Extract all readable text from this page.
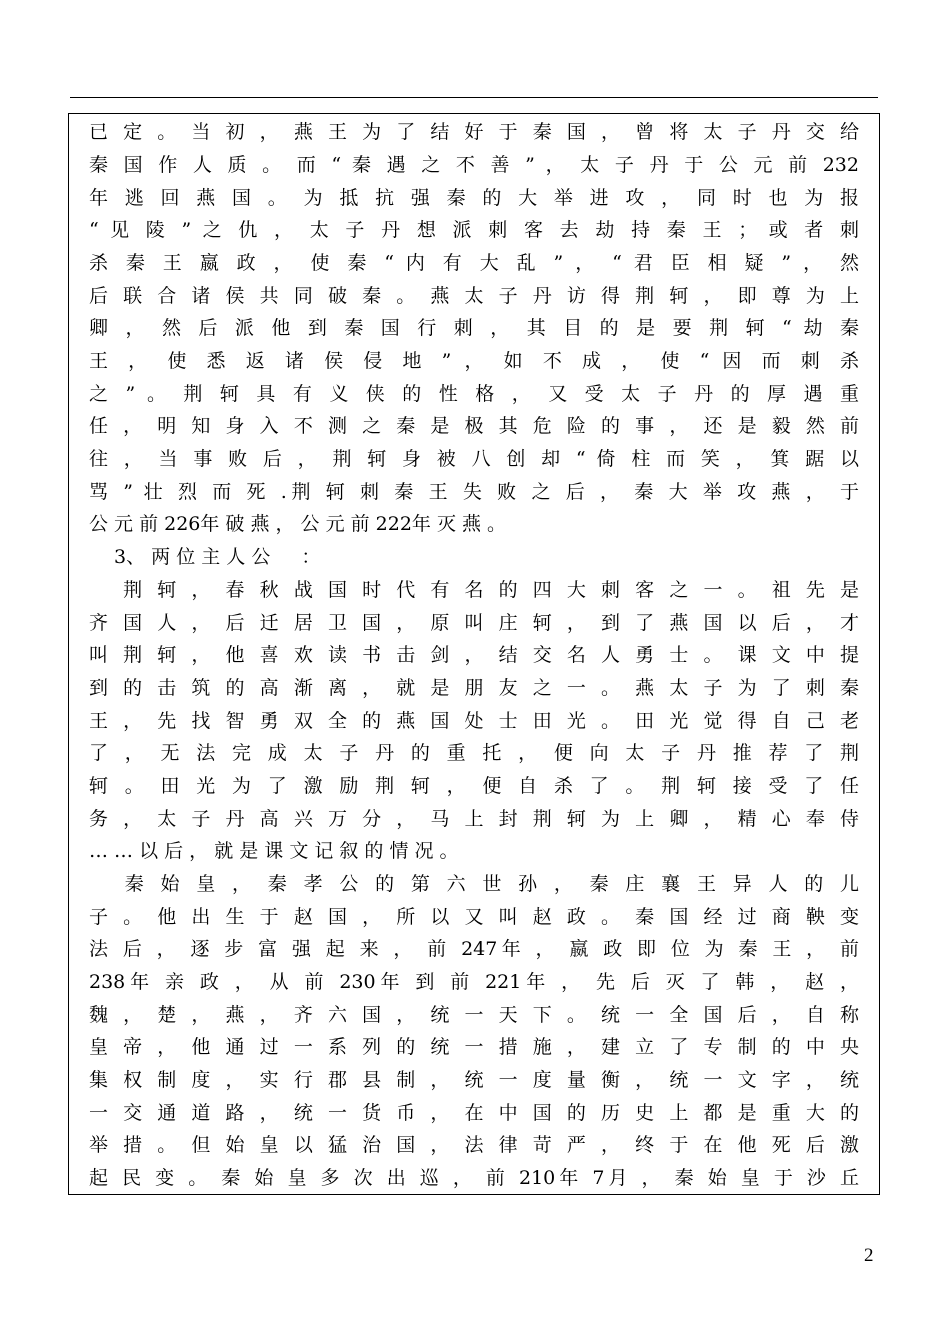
已 定 。 当 初 ， 燕 王 为 了 结 好 于 秦 国 ， 曾 将 太 子 丹 交 给
秦 国 作 人 质 。 而 “ 秦 遇 之 不 善 ” ， 太 子 丹 于 公 元 前 232
年 逃 回 燕 国 。 为 抵 抗 强 秦 的 大 举 进 攻 ， 同 时 也 为 报
“ 见 陵 ” 之 仇 ， 太 子 丹 想 派 刺 客 去 劫 持 秦 王 ； 或 者 刺
杀 秦 王 嬴 政 ， 使 秦 “ 内 有 大 乱 ” ， “ 君 臣 相 疑 ” ， 然
后 联 合 诸 侯 共 同 破 秦 。 燕 太 子 丹 访 得 荆 轲 ， 即 尊 为 上
卿 ， 然 后 派 他 到 秦 国 行 刺 ， 其 目 的 是 要 荆 轲 “ 劫 秦
王 ， 使 悉 返 诸 侯 侵 地 ” ， 如 不 成 ， 使 “ 因 而 刺 杀
之 ” 。 荆 轲 具 有 义 侠 的 性 格 ， 又 受 太 子 丹 的 厚 遇 重
任 ， 明 知 身 入 不 测 之 秦 是 极 其 危 险 的 事 ， 还 是 毅 然 前
往 ， 当 事 败 后 ， 荆 轲 身 被 八 创 却 “ 倚 柱 而 笑 ， 箕 踞 以
骂 ” 壮 烈 而 死 .荆 轲 刺 秦 王 失 败 之 后 ， 秦 大 举 攻 燕 ， 于
公 元 前 226年 破 燕 ， 公 元 前 222年 灭 燕 。
　 3、 两 位 主 人 公 　 ：
　 荆 轲 ， 春 秋 战 国 时 代 有 名 的 四 大 刺 客 之 一 。 祖 先 是
齐 国 人 ， 后 迁 居 卫 国 ， 原 叫 庄 轲 ， 到 了 燕 国 以 后 ， 才
叫 荆 轲 ， 他 喜 欢 读 书 击 剑 ， 结 交 名 人 勇 士 。 课 文 中 提
到 的 击 筑 的 高 渐 离 ， 就 是 朋 友 之 一 。 燕 太 子 为 了 刺 秦
王 ， 先 找 智 勇 双 全 的 燕 国 处 士 田 光 。 田 光 觉 得 自 己 老
了 ， 无 法 完 成 太 子 丹 的 重 托 ， 便 向 太 子 丹 推 荐 了 荆
轲 。 田 光 为 了 激 励 荆 轲 ， 便 自 杀 了 。 荆 轲 接 受 了 任
务 ， 太 子 丹 高 兴 万 分 ， 马 上 封 荆 轲 为 上 卿 ， 精 心 奉 侍
… … 以 后 ， 就 是 课 文 记 叙 的 情 况 。
　 秦 始 皇 ， 秦 孝 公 的 第 六 世 孙 ， 秦 庄 襄 王 异 人 的 儿
子 。 他 出 生 于 赵 国 ， 所 以 又 叫 赵 政 。 秦 国 经 过 商 鞅 变
法 后 ， 逐 步 富 强 起 来 ， 前 247年 ， 嬴 政 即 位 为 秦 王 ， 前
238年 亲 政 ， 从 前 230年 到 前 221年 ， 先 后 灭 了 韩 ， 赵 ，
魏 ， 楚 ， 燕 ， 齐 六 国 ， 统 一 天 下 。 统 一 全 国 后 ， 自 称
皇 帝 ， 他 通 过 一 系 列 的 统 一 措 施 ， 建 立 了 专 制 的 中 央
集 权 制 度 ， 实 行 郡 县 制 ， 统 一 度 量 衡 ， 统 一 文 字 ， 统
一 交 通 道 路 ， 统 一 货 币 ， 在 中 国 的 历 史 上 都 是 重 大 的
举 措 。 但 始 皇 以 猛 治 国 ， 法 律 苛 严 ， 终 于 在 他 死 后 激
起 民 变 。 秦 始 皇 多 次 出 巡 ， 前 210年 7月 ， 秦 始 皇 于 沙 丘
2
